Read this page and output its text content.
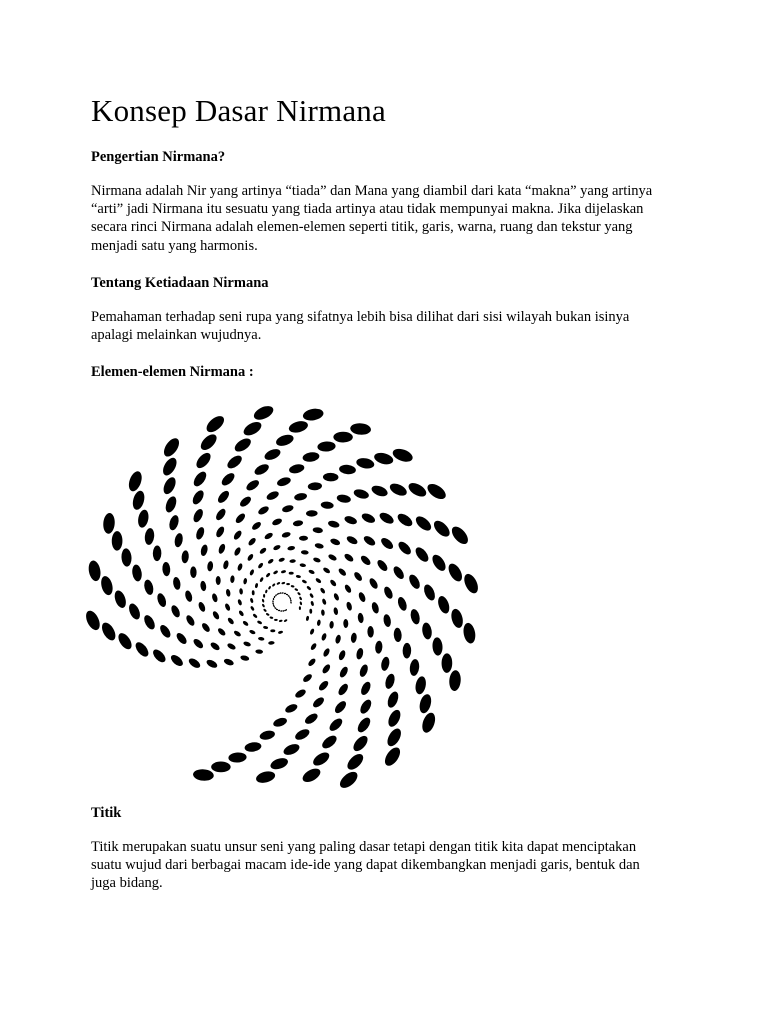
Konsep Dasar Nirmana
Pengertian Nirmana?

Nirmana adalah Nir yang artinya “tiada” dan Mana yang diambil dari kata “makna” yang artinya
“arti” jadi Nirmana itu sesuatu yang tiada artinya atau tidak mempunyai makna. Jika dijelaskan
secara rinci Nirmana adalah elemen-elemen seperti titik, garis, warna, ruang dan tekstur yang
menjadi satu yang harmonis.

Tentang Ketiadaan Nirmana

Pemahaman terhadap seni rupa yang sifatnya lebih bisa dilihat dari sisi wilayah bukan isinya
apalagi melainkan wujudnya.

Elemen-elemen Nirmana :
Titik

Titik merupakan suatu unsur seni yang paling dasar tetapi dengan titik kita dapat menciptakan
suatu wujud dari berbagai macam ide-ide yang dapat dikembangkan menjadi garis, bentuk dan
juga bidang.
